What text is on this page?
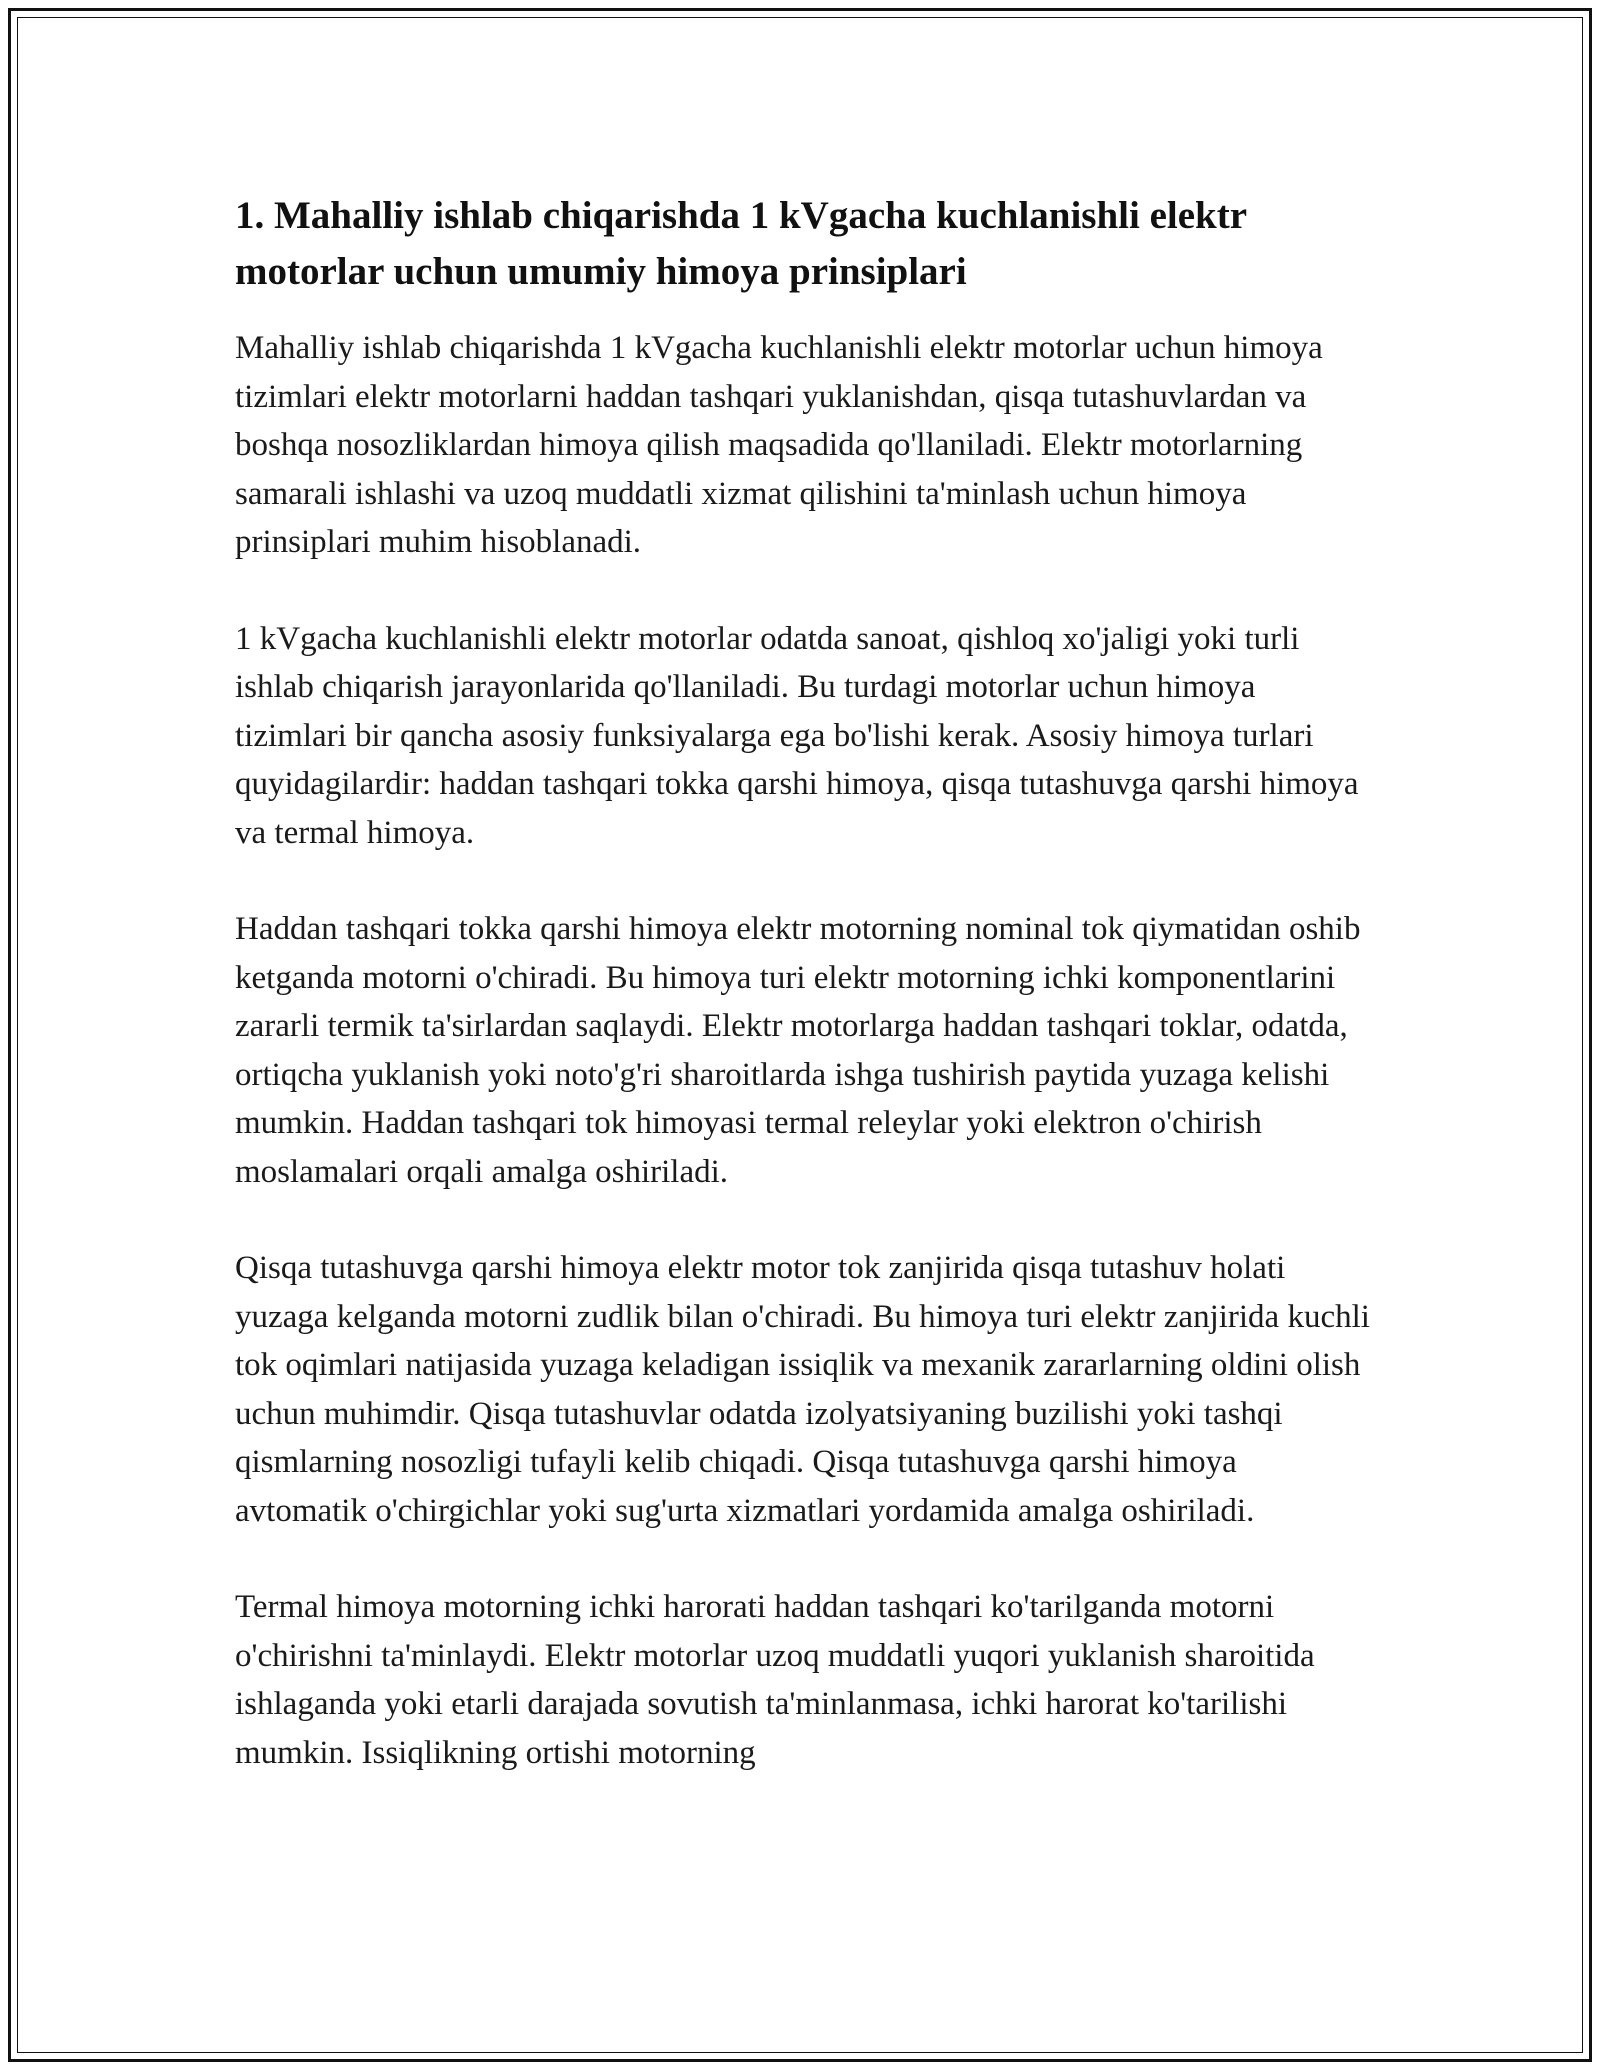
1. Mahalliy ishlab chiqarishda 1 kVgacha kuchlanishli elektr motorlar uchun umumiy himoya prinsiplari

Mahalliy ishlab chiqarishda 1 kVgacha kuchlanishli elektr motorlar uchun himoya tizimlari elektr motorlarni haddan tashqari yuklanishdan, qisqa tutashuvlardan va boshqa nosozliklardan himoya qilish maqsadida qo'llaniladi. Elektr motorlarning samarali ishlashi va uzoq muddatli xizmat qilishini ta'minlash uchun himoya prinsiplari muhim hisoblanadi.

1 kVgacha kuchlanishli elektr motorlar odatda sanoat, qishloq xo'jaligi yoki turli ishlab chiqarish jarayonlarida qo'llaniladi. Bu turdagi motorlar uchun himoya tizimlari bir qancha asosiy funksiyalarga ega bo'lishi kerak. Asosiy himoya turlari quyidagilardir: haddan tashqari tokka qarshi himoya, qisqa tutashuvga qarshi himoya va termal himoya.

Haddan tashqari tokka qarshi himoya elektr motorning nominal tok qiymatidan oshib ketganda motorni o'chiradi. Bu himoya turi elektr motorning ichki komponentlarini zararli termik ta'sirlardan saqlaydi. Elektr motorlarga haddan tashqari toklar, odatda, ortiqcha yuklanish yoki noto'g'ri sharoitlarda ishga tushirish paytida yuzaga kelishi mumkin. Haddan tashqari tok himoyasi termal releylar yoki elektron o'chirish moslamalari orqali amalga oshiriladi.

Qisqa tutashuvga qarshi himoya elektr motor tok zanjirida qisqa tutashuv holati yuzaga kelganda motorni zudlik bilan o'chiradi. Bu himoya turi elektr zanjirida kuchli tok oqimlari natijasida yuzaga keladigan issiqlik va mexanik zararlarning oldini olish uchun muhimdir. Qisqa tutashuvlar odatda izolyatsiyaning buzilishi yoki tashqi qismlarning nosozligi tufayli kelib chiqadi. Qisqa tutashuvga qarshi himoya avtomatik o'chirgichlar yoki sug'urta xizmatlari yordamida amalga oshiriladi.

Termal himoya motorning ichki harorati haddan tashqari ko'tarilganda motorni o'chirishni ta'minlaydi. Elektr motorlar uzoq muddatli yuqori yuklanish sharoitida ishlaganda yoki etarli darajada sovutish ta'minlanmasa, ichki harorat ko'tarilishi mumkin. Issiqlikning ortishi motorning
